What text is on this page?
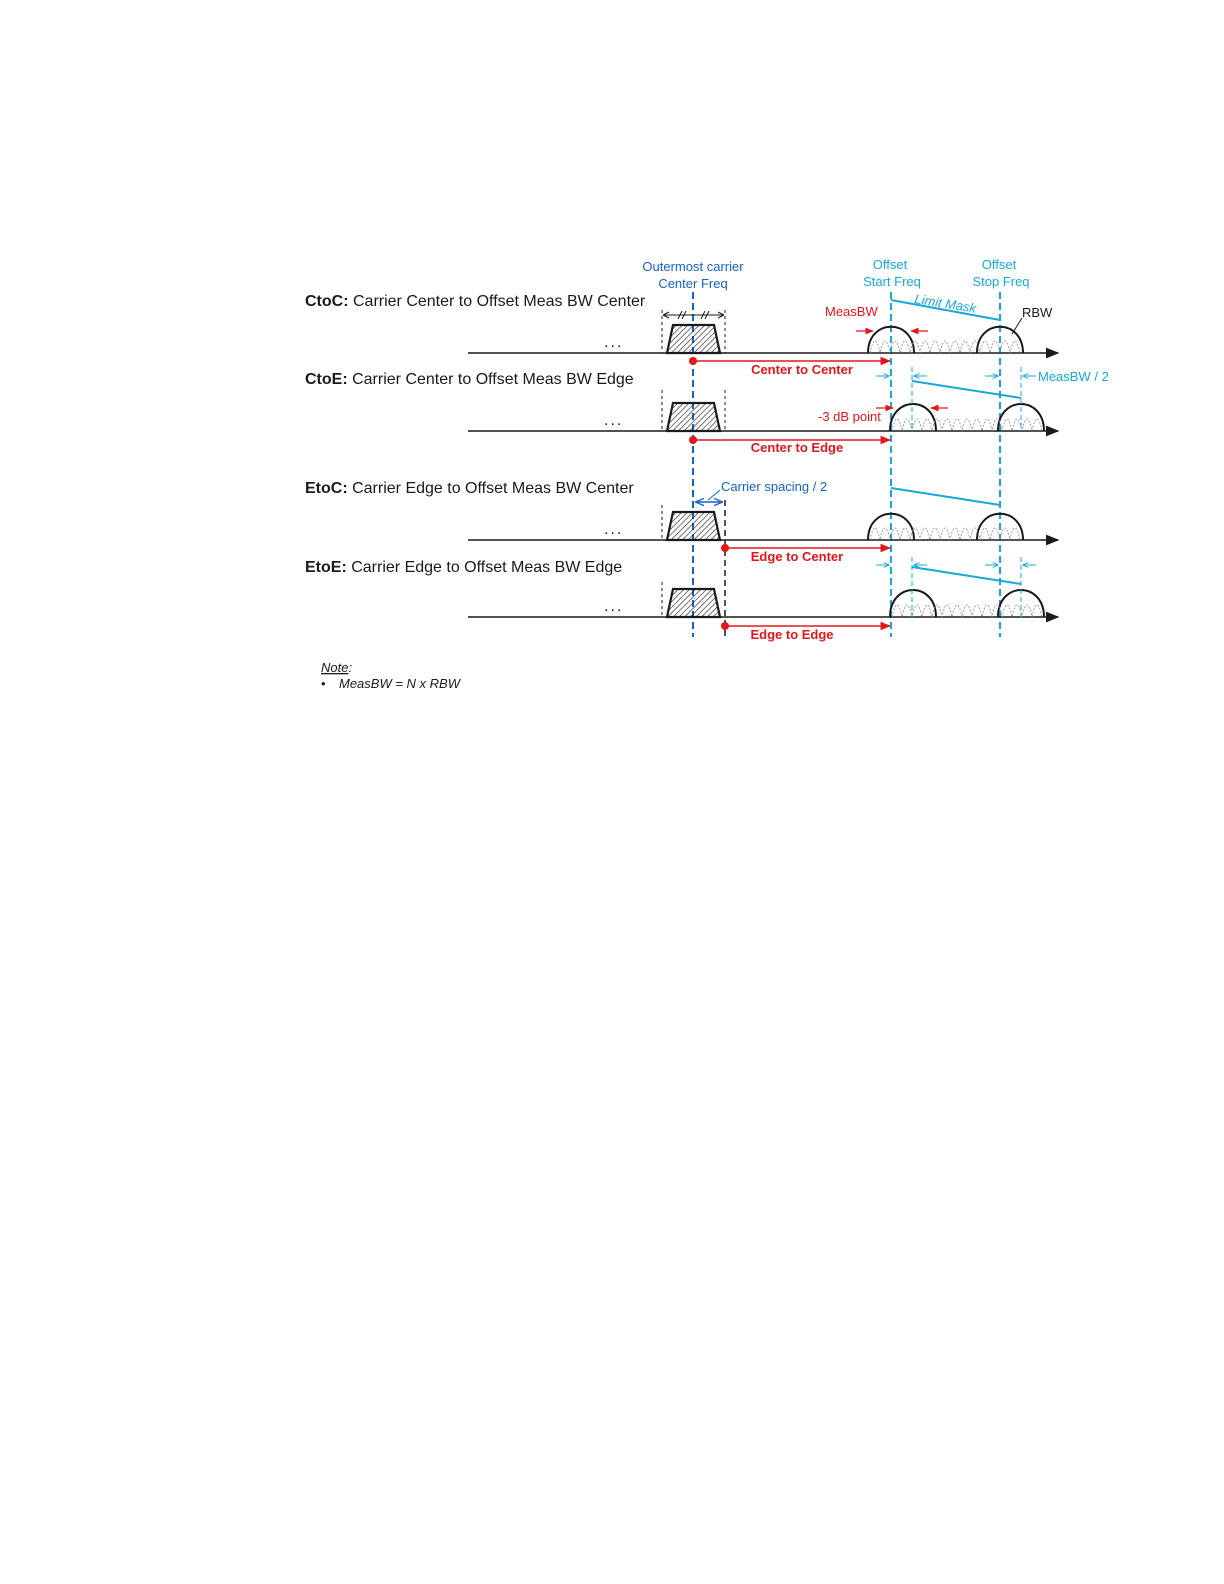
Outermost carrier
Center Freq
Offset
Start Freq
Offset
Stop Freq
CtoC: Carrier Center to Offset Meas BW Center
CtoE: Carrier Center to Offset Meas BW Edge
EtoC: Carrier Edge to Offset Meas BW Center
EtoE: Carrier Edge to Offset Meas BW Edge
...
Limit Mask
MeasBW	RBW
Center to Center
...
MeasBW / 2
-3 dB point
Center to Edge
...
Carrier spacing / 2
Edge to Center
...
Edge to Edge
Note:
• MeasBW = N x RBW
